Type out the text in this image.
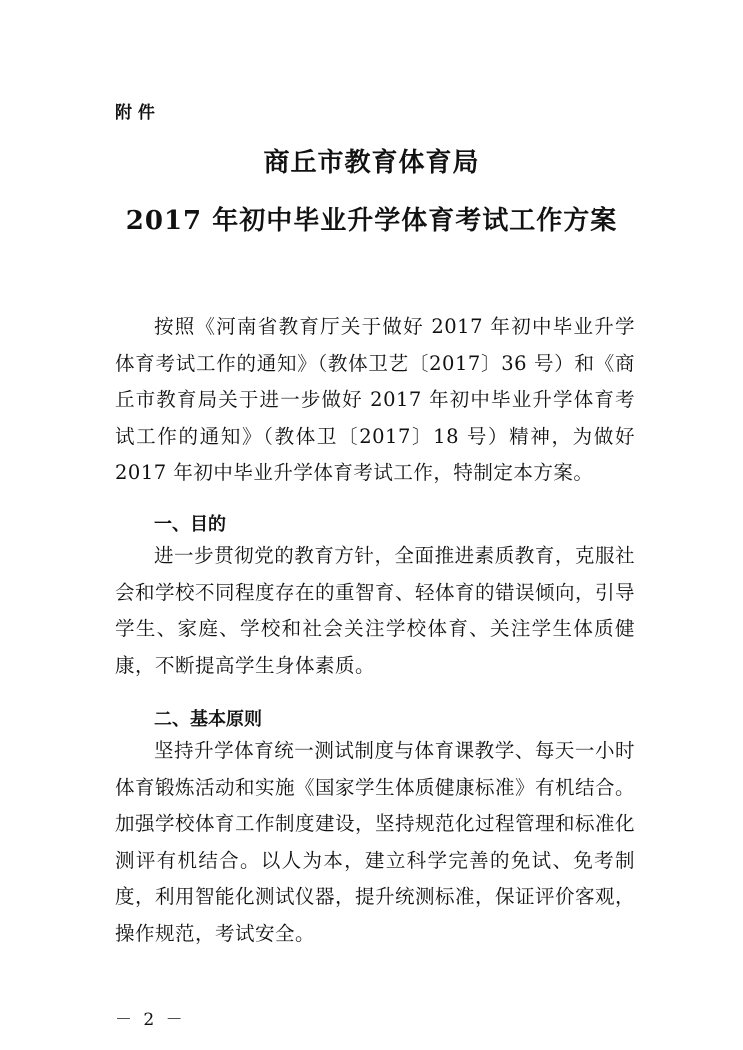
附 件
商丘市教育体育局
2017 年初中毕业升学体育考试工作方案
按照《河南省教育厅关于做好 2017 年初中毕业升学体育考试工作的通知》（教体卫艺〔2017〕36 号）和《商丘市教育局关于进一步做好 2017 年初中毕业升学体育考试工作的通知》（教体卫〔2017〕18 号）精神，为做好 2017 年初中毕业升学体育考试工作，特制定本方案。
一、目的
进一步贯彻党的教育方针，全面推进素质教育，克服社会和学校不同程度存在的重智育、轻体育的错误倾向，引导学生、家庭、学校和社会关注学校体育、关注学生体质健康，不断提高学生身体素质。
二、基本原则
坚持升学体育统一测试制度与体育课教学、每天一小时体育锻炼活动和实施《国家学生体质健康标准》有机结合。加强学校体育工作制度建设，坚持规范化过程管理和标准化测评有机结合。以人为本，建立科学完善的免试、免考制度，利用智能化测试仪器，提升统测标准，保证评价客观，操作规范，考试安全。
－ 2 －
